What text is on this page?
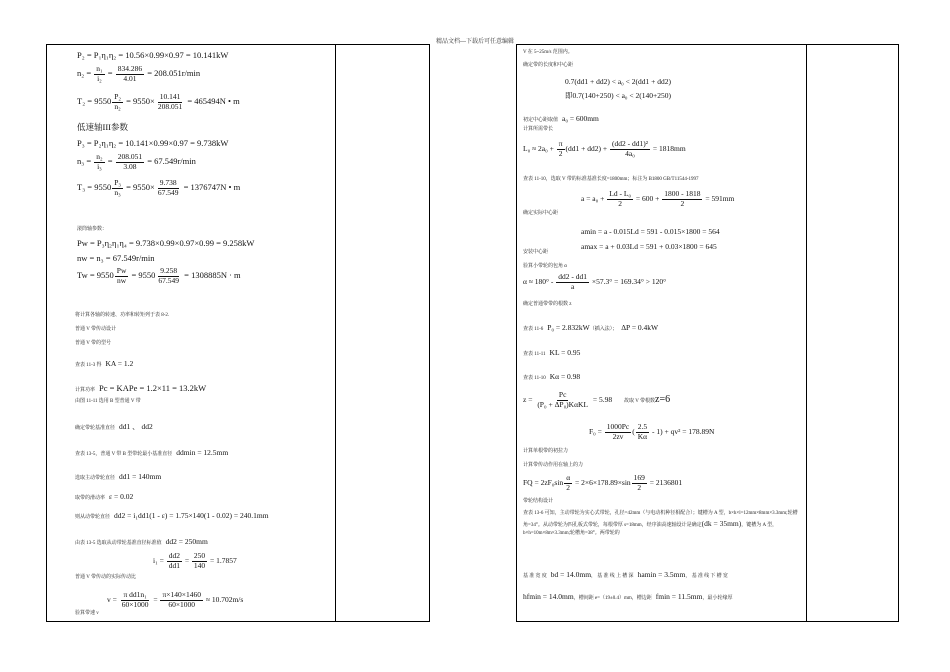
精品文档---下载后可任意编辑
P₂ = P₁η₁η₂ = 10.56×0.99×0.97 = 10.141kW
$n_2 = \frac{\text{n₁}}{\text{i₂}} = \frac{834.286}{4.01} = 208.051r/\min$
$T_2 = 9550 \frac{\text{P₂}}{\text{n₂}} = 9550\times \frac{10.141}{208.051} = 465494N$ • m
低速轴III参数
P₃ = P₂η₁η₂ = 10.141×0.99×0.97 = 9.738kW
$n_3 = \frac{\text{n₂}}{\text{i₃}} = \frac{208.051}{3.08} = 67.549r/\min$
$T_3 = 9550 \frac{\text{P₃}}{\text{n₃}} = 9550\times \frac{9.738}{67.549} = 1376747N$ • m
滚筒轴参数：
Pw = P₃η₂η₁η₄ = 9.738×0.99×0.97×0.99 = 9.258kW
nw = n₃ = 67.549r/min
$Tw = 9550 \frac{Pw}{nw} = 9550 \frac{9.258}{67.549} = 1308885N \cdot m$
将计算各轴的转速、功率和转矩列于表 8-2.
普通 V 带传动设计
普通 V 带的型号
查表 11-3 得 KA = 1.2
计算功率 Pc = KAPe = 1.2×11 = 13.2kW
由图 11-11 选用 B 型普通 V 带
确定带轮基准直径 dd1 、 dd2
查表 13-5，普通 V 带 B 型带轮最小基准直径 ddmin = 12.5mm
选取主动带轮直径 dd1 = 140mm
取带的滑动率 ε = 0.02
则从动带轮直径 dd2 = i₁dd1(1 - ε) = 1.75×140(1 - 0.02) = 240.1mm
由表 13-5 选取从动带轮基准直径标准值 dd2 = 250mm
$i_1 = \frac{dd2}{dd1} = \frac{250}{140} = 1.7857$
普通 V 带传动的实际传动比
$v = \frac{\text{π dd1n₁}}{60\times 1000} = \frac{\pi\times 140\times 1460}{60\times 1000} \approx 10.702m/s$
验算带速 v
V 在 5~25m/s 范围内。
确定带的长度和中心距
0.7(dd1 + dd2) < a₀ < 2(dd1 + dd2)
即0.7(140+250) < a₀ < 2(140+250)
初定中心距取值 a₀ = 600mm
计算所需带长
$L_0 \approx 2a_0 + \frac{\pi}{2} (dd1 + dd2) + \frac{\text{(dd2 - dd1)²}}{\text{4a₀}} = 1818mm$
查表 11-10，选取 V 带的标准基准长度=1800mm；标注为 B1800 GB/T11544-1997
确定实际中心距
$a = a_0 + \frac{\text{Ld - L₀}}{2} = 600 + \frac{1800 - 1818}{2} = 591mm$
amin = a - 0.015Ld = 591 - 0.015×1800 = 564
amax = a + 0.03Ld = 591 + 0.03×1800 = 645
安装中心距
验算小带轮的包角 α
$\alpha \approx 180^\circ - \frac{dd2 - dd1}{a} \times 57.3^\circ = 169.34^\circ > 120^\circ$
确定普通带带的根数 z
查表 11-6 P₀ = 2.832kW（插入法）； ΔP = 0.4kW
查表 11-11 KL = 0.95
查表 11-10 Kα = 0.98
$z = \frac{Pc}{\text{(P₀ + ΔP₀)KαKL}} = 5.98$ 故取 V 带根数z=6
$F_0 = \frac{1000Pc}{2zv}$ ( $\frac{2.5}{K\alpha} - 1) + qv^2 = 178.89N$
计算单根带的初拉力
计算带传动作用在轴上的力
FQ = $2zF_0\sin \frac{\alpha}{2} = 2\times 6\times 178.89\times\sin \frac{169}{2} = 2136801$
带轮结构设计
查表 13-6 可知，主动带轮为实心式带轮，孔径=42mm（与电动机种径相配合）；键槽为 A 型，b×h×l=12mm×8mm×3.3mm;轮槽角=34°。从动带轮为四孔板式带轮，每根带厚 s=18mm，经序油高速轴设计是确定(dk = 35mm)，键槽为 A 型，b×h=10m×8m×3.3mm;轮槽角=38°。两带轮的
基 准 宽 度 bd = 14.0mm， 基 准 线 上 槽 深 hamin = 3.5mm， 基 准 线 下 槽 宽
hfmin = 14.0mm，槽间距 e=（19±0.4）mm，槽边距 fmin = 11.5mm，最小轮缘厚
